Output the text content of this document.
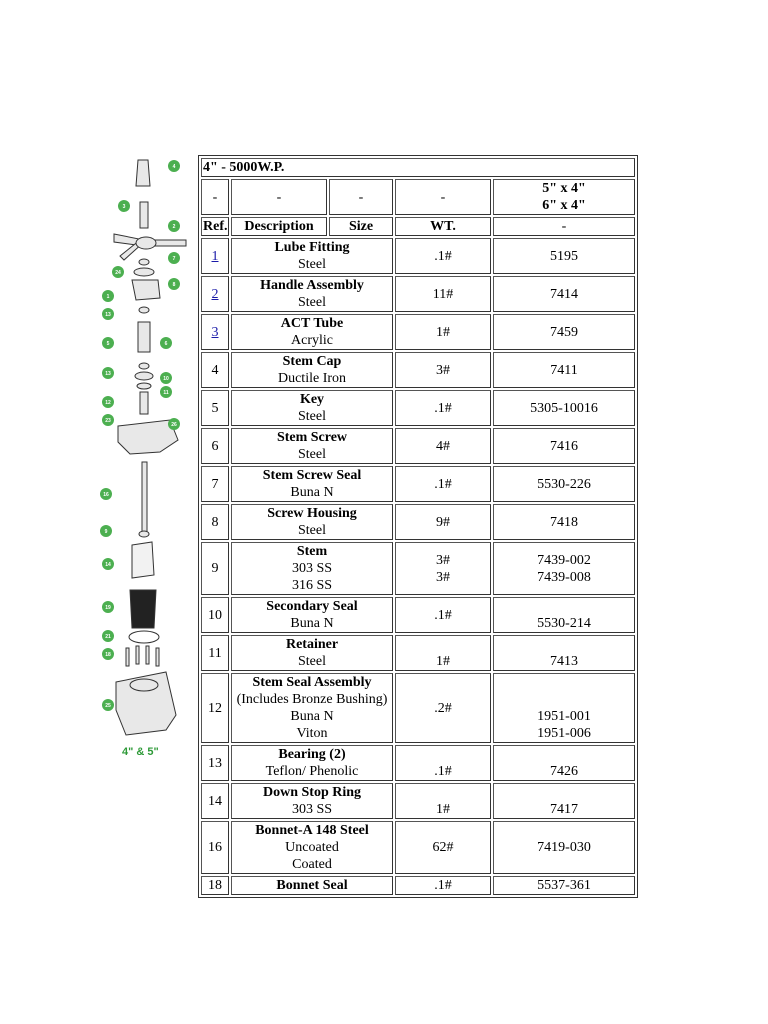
4
3
2
7
24
8
1
13
5	6
13
10
11
12
23
26
16
9
14
19
21
18
25
4" & 5"
4" - 5000W.P.				
-	-	-	-	5" x 4"
6" x 4"

Ref.	Description	Size	WT.	-
1	Lube Fitting
Steel		.1#	5195

2	Handle Assembly
Steel		11#	7414

3	ACT Tube
Acrylic		1#	7459

4	Stem Cap
Ductile Iron		3#	7411

5	Key
Steel		.1#	5305-10016

6	Stem Screw
Steel		4#	7416

7	Stem Screw Seal
Buna N		.1#	5530-226

8	Screw Housing
Steel		9#	7418

9	Stem
303 SS
316 SS		3#
3#	7439-002
7439-008

10	Secondary Seal
Buna N		.1#	5530-214

11	Retainer
Steel		1#	7413

12	Stem Seal Assembly
(Includes Bronze Bushing)
Buna N
Viton		.2#	1951-001
1951-006

13	Bearing (2)
Teflon/ Phenolic		.1#	7426

14	Down Stop Ring
303 SS		1#	7417

16	Bonnet-A 148 Steel
Uncoated
Coated		62#	7419-030

18	Bonnet Seal		.1#	5537-361
